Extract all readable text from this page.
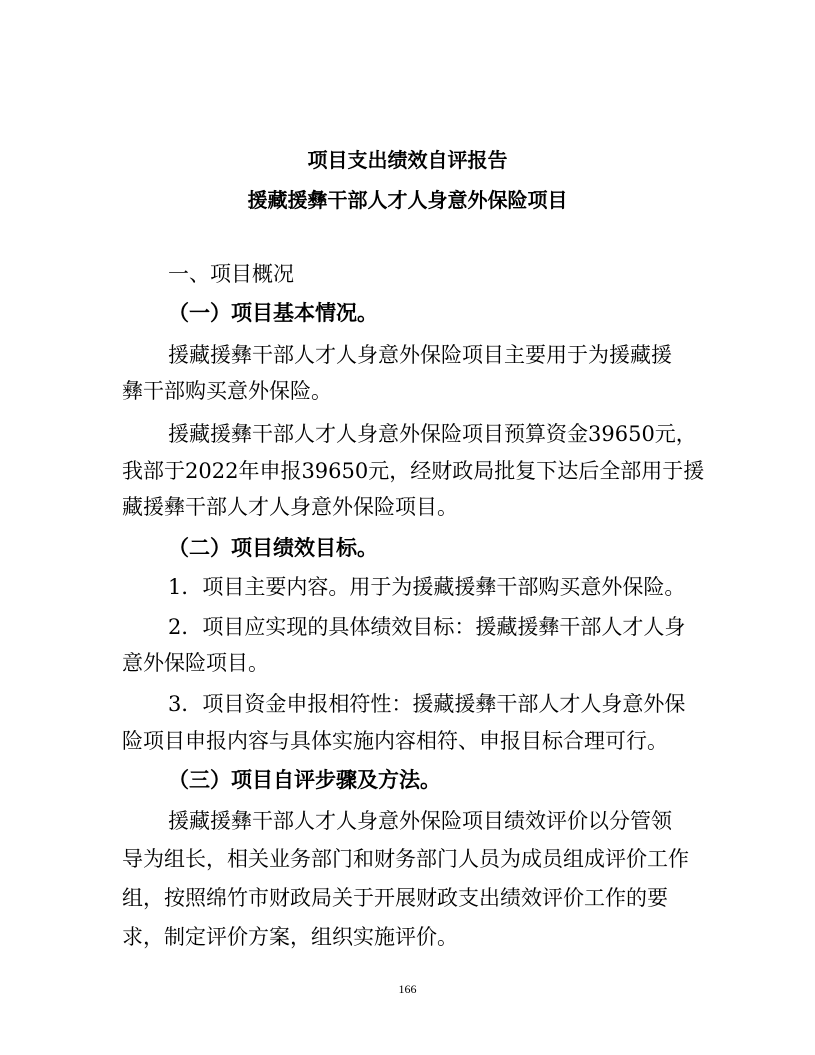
项目支出绩效自评报告
援藏援彝干部人才人身意外保险项目
一、项目概况
（一）项目基本情况。
援藏援彝干部人才人身意外保险项目主要用于为援藏援
彝干部购买意外保险。
援藏援彝干部人才人身意外保险项目预算资金39650元，
我部于2022年申报39650元，经财政局批复下达后全部用于援
藏援彝干部人才人身意外保险项目。
（二）项目绩效目标。
1．项目主要内容。用于为援藏援彝干部购买意外保险。
2．项目应实现的具体绩效目标：援藏援彝干部人才人身
意外保险项目。
3．项目资金申报相符性：援藏援彝干部人才人身意外保
险项目申报内容与具体实施内容相符、申报目标合理可行。
（三）项目自评步骤及方法。
援藏援彝干部人才人身意外保险项目绩效评价以分管领
导为组长，相关业务部门和财务部门人员为成员组成评价工作
组，按照绵竹市财政局关于开展财政支出绩效评价工作的要
求，制定评价方案，组织实施评价。
166
